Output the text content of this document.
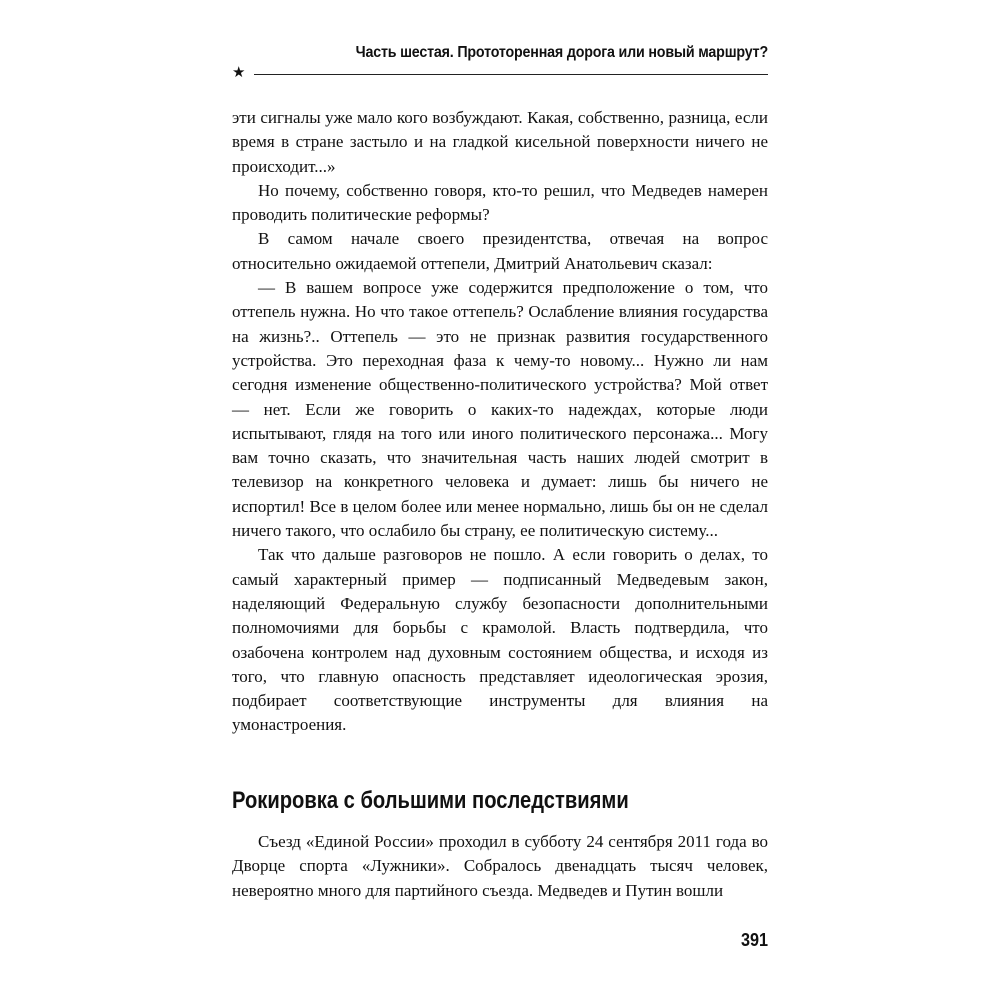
Часть шестая. Прототоренная дорога или новый маршрут?
★

эти сигналы уже мало кого возбуждают. Какая, собственно, разница, если время в стране застыло и на гладкой кисельной поверхности ничего не происходит...»

Но почему, собственно говоря, кто-то решил, что Медведев намерен проводить политические реформы?

В самом начале своего президентства, отвечая на вопрос относительно ожидаемой оттепели, Дмитрий Анатольевич сказал:

— В вашем вопросе уже содержится предположение о том, что оттепель нужна. Но что такое оттепель? Ослабление влияния государства на жизнь?.. Оттепель — это не признак развития государственного устройства. Это переходная фаза к чему-то новому... Нужно ли нам сегодня изменение общественно-политического устройства? Мой ответ — нет. Если же говорить о каких-то надеждах, которые люди испытывают, глядя на того или иного политического персонажа... Могу вам точно сказать, что значительная часть наших людей смотрит в телевизор на конкретного человека и думает: лишь бы ничего не испортил! Все в целом более или менее нормально, лишь бы он не сделал ничего такого, что ослабило бы страну, ее политическую систему...

Так что дальше разговоров не пошло. А если говорить о делах, то самый характерный пример — подписанный Медведевым закон, наделяющий Федеральную службу безопасности дополнительными полномочиями для борьбы с крамолой. Власть подтвердила, что озабочена контролем над духовным состоянием общества, и исходя из того, что главную опасность представляет идеологическая эрозия, подбирает соответствующие инструменты для влияния на умонастроения.

Рокировка с большими последствиями

Съезд «Единой России» проходил в субботу 24 сентября 2011 года во Дворце спорта «Лужники». Собралось двенадцать тысяч человек, невероятно много для партийного съезда. Медведев и Путин вошли

391
